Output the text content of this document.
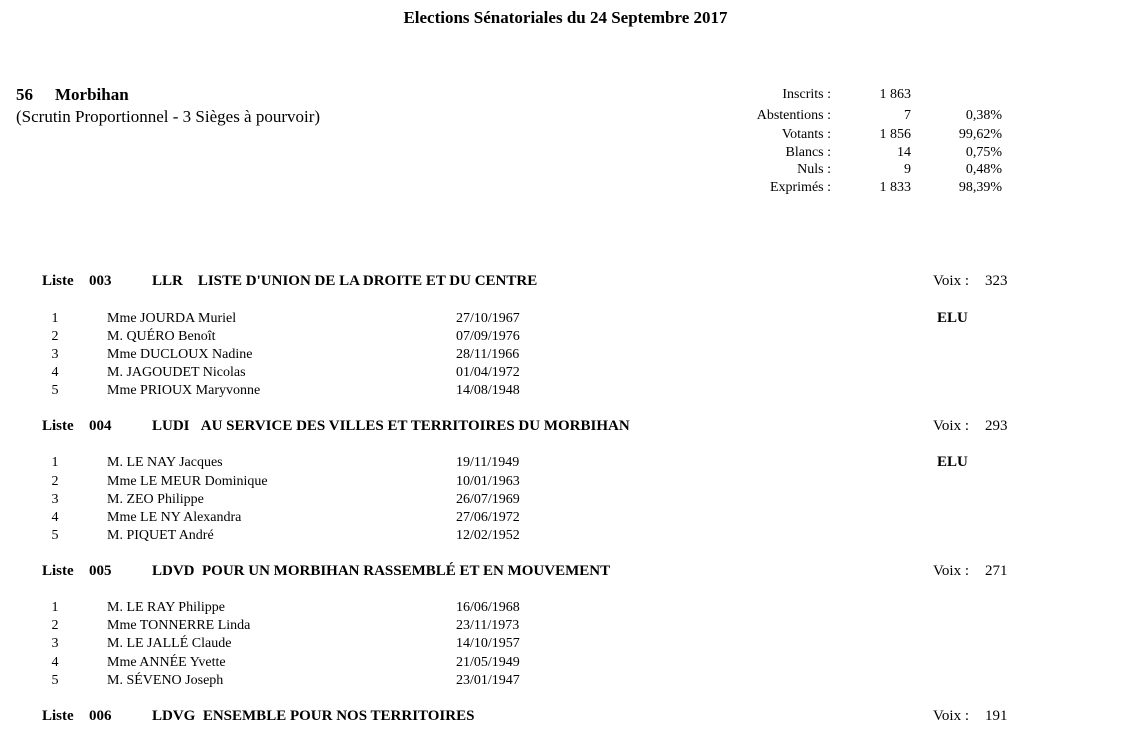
Elections Sénatoriales du 24 Septembre 2017
56 Morbihan
(Scrutin Proportionnel - 3 Sièges à pourvoir)
Inscrits :	1 863
Abstentions :	7	0,38%
Votants :	1 856	99,62%
Blancs :	14	0,75%
Nuls :	9	0,48%
Exprimés :	1 833	98,39%
Liste 003	LLR LISTE D'UNION DE LA DROITE ET DU CENTRE	Voix : 323
1	Mme JOURDA Muriel	27/10/1967	ELU
2	M. QUÉRO Benoît	07/09/1976
3	Mme DUCLOUX Nadine	28/11/1966
4	M. JAGOUDET Nicolas	01/04/1972
5	Mme PRIOUX Maryvonne	14/08/1948
Liste 004	LUDI AU SERVICE DES VILLES ET TERRITOIRES DU MORBIHAN	Voix : 293
1	M. LE NAY Jacques	19/11/1949	ELU
2	Mme LE MEUR Dominique	10/01/1963
3	M. ZEO Philippe	26/07/1969
4	Mme LE NY Alexandra	27/06/1972
5	M. PIQUET André	12/02/1952
Liste 005	LDVD POUR UN MORBIHAN RASSEMBLÉ ET EN MOUVEMENT	Voix : 271
1	M. LE RAY Philippe	16/06/1968
2	Mme TONNERRE Linda	23/11/1973
3	M. LE JALLÉ Claude	14/10/1957
4	Mme ANNÉE Yvette	21/05/1949
5	M. SÉVENO Joseph	23/01/1947
Liste 006	LDVG ENSEMBLE POUR NOS TERRITOIRES	Voix : 191
